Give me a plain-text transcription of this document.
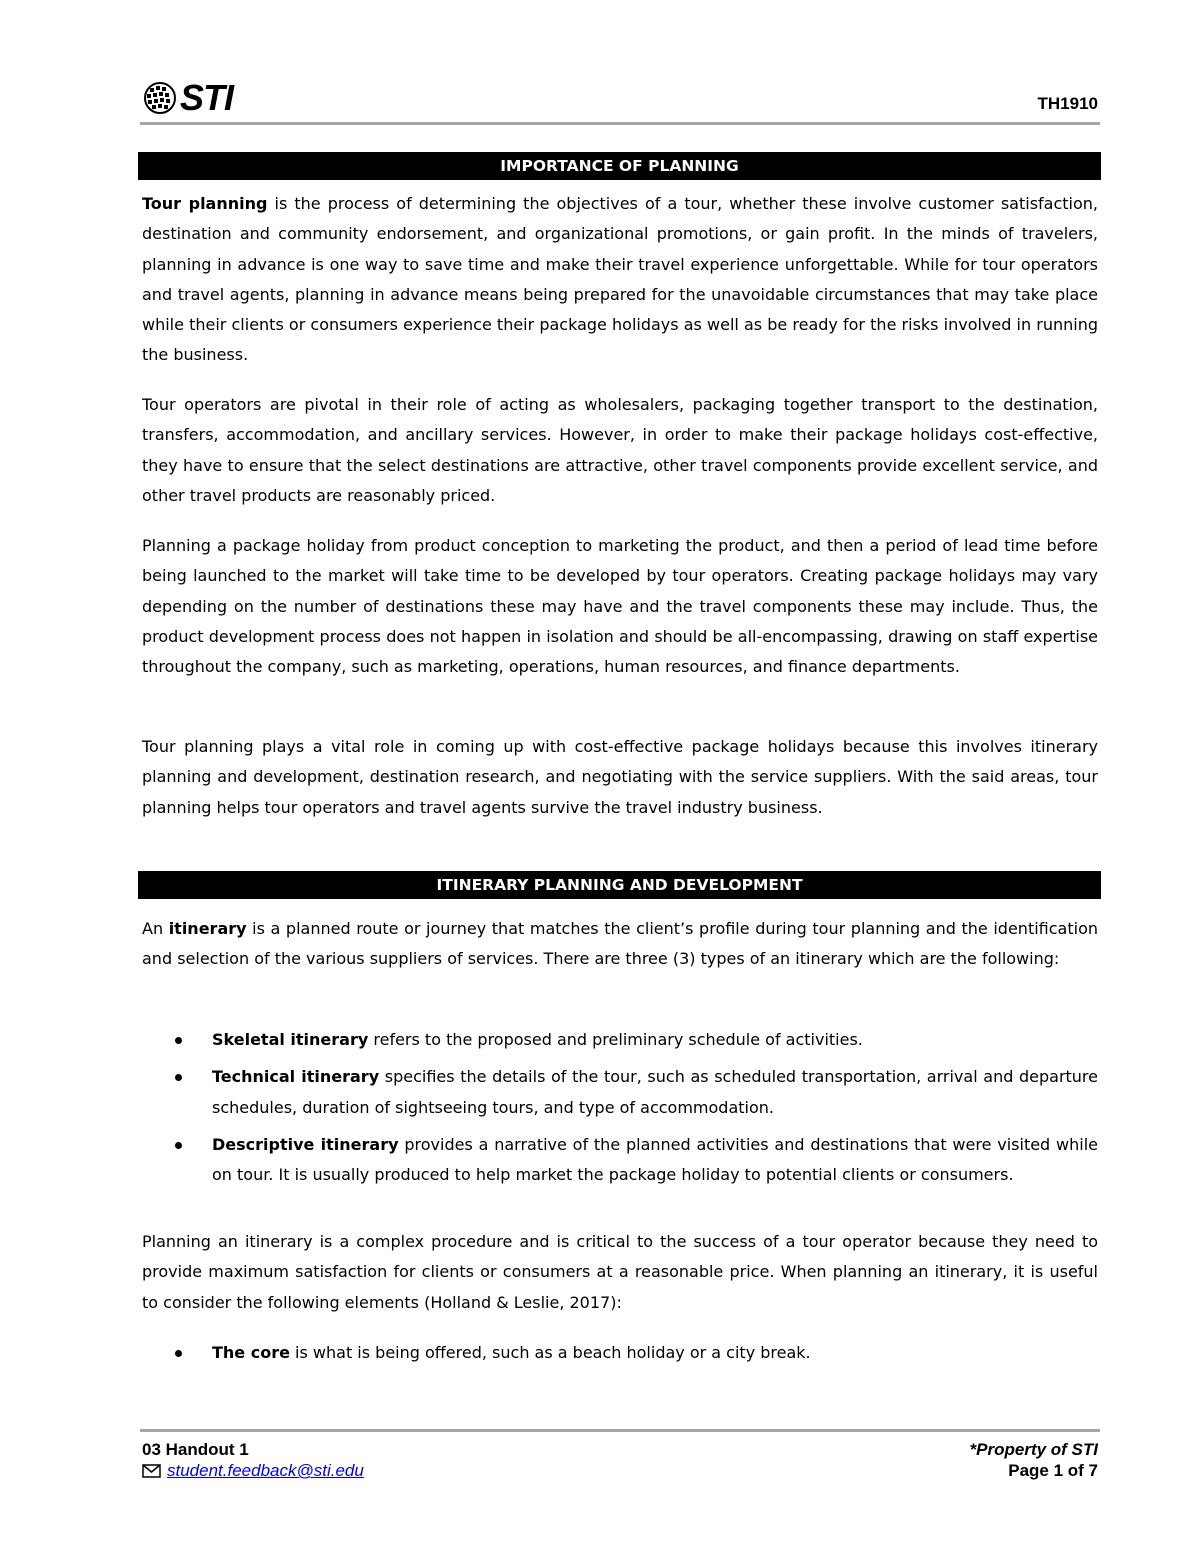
STI	TH1910
IMPORTANCE OF PLANNING

Tour planning is the process of determining the objectives of a tour, whether these involve customer satisfaction, destination and community endorsement, and organizational promotions, or gain profit. In the minds of travelers, planning in advance is one way to save time and make their travel experience unforgettable. While for tour operators and travel agents, planning in advance means being prepared for the unavoidable circumstances that may take place while their clients or consumers experience their package holidays as well as be ready for the risks involved in running the business.

Tour operators are pivotal in their role of acting as wholesalers, packaging together transport to the destination, transfers, accommodation, and ancillary services. However, in order to make their package holidays cost-effective, they have to ensure that the select destinations are attractive, other travel components provide excellent service, and other travel products are reasonably priced.

Planning a package holiday from product conception to marketing the product, and then a period of lead time before being launched to the market will take time to be developed by tour operators. Creating package holidays may vary depending on the number of destinations these may have and the travel components these may include. Thus, the product development process does not happen in isolation and should be all-encompassing, drawing on staff expertise throughout the company, such as marketing, operations, human resources, and finance departments.

Tour planning plays a vital role in coming up with cost-effective package holidays because this involves itinerary planning and development, destination research, and negotiating with the service suppliers. With the said areas, tour planning helps tour operators and travel agents survive the travel industry business.

ITINERARY PLANNING AND DEVELOPMENT

An itinerary is a planned route or journey that matches the client’s profile during tour planning and the identification and selection of the various suppliers of services. There are three (3) types of an itinerary which are the following:

Skeletal itinerary refers to the proposed and preliminary schedule of activities.
Technical itinerary specifies the details of the tour, such as scheduled transportation, arrival and departure schedules, duration of sightseeing tours, and type of accommodation.
Descriptive itinerary provides a narrative of the planned activities and destinations that were visited while on tour. It is usually produced to help market the package holiday to potential clients or consumers.

Planning an itinerary is a complex procedure and is critical to the success of a tour operator because they need to provide maximum satisfaction for clients or consumers at a reasonable price. When planning an itinerary, it is useful to consider the following elements (Holland & Leslie, 2017):

The core is what is being offered, such as a beach holiday or a city break.
03 Handout 1
student.feedback@sti.edu
*Property of STI
Page 1 of 7
